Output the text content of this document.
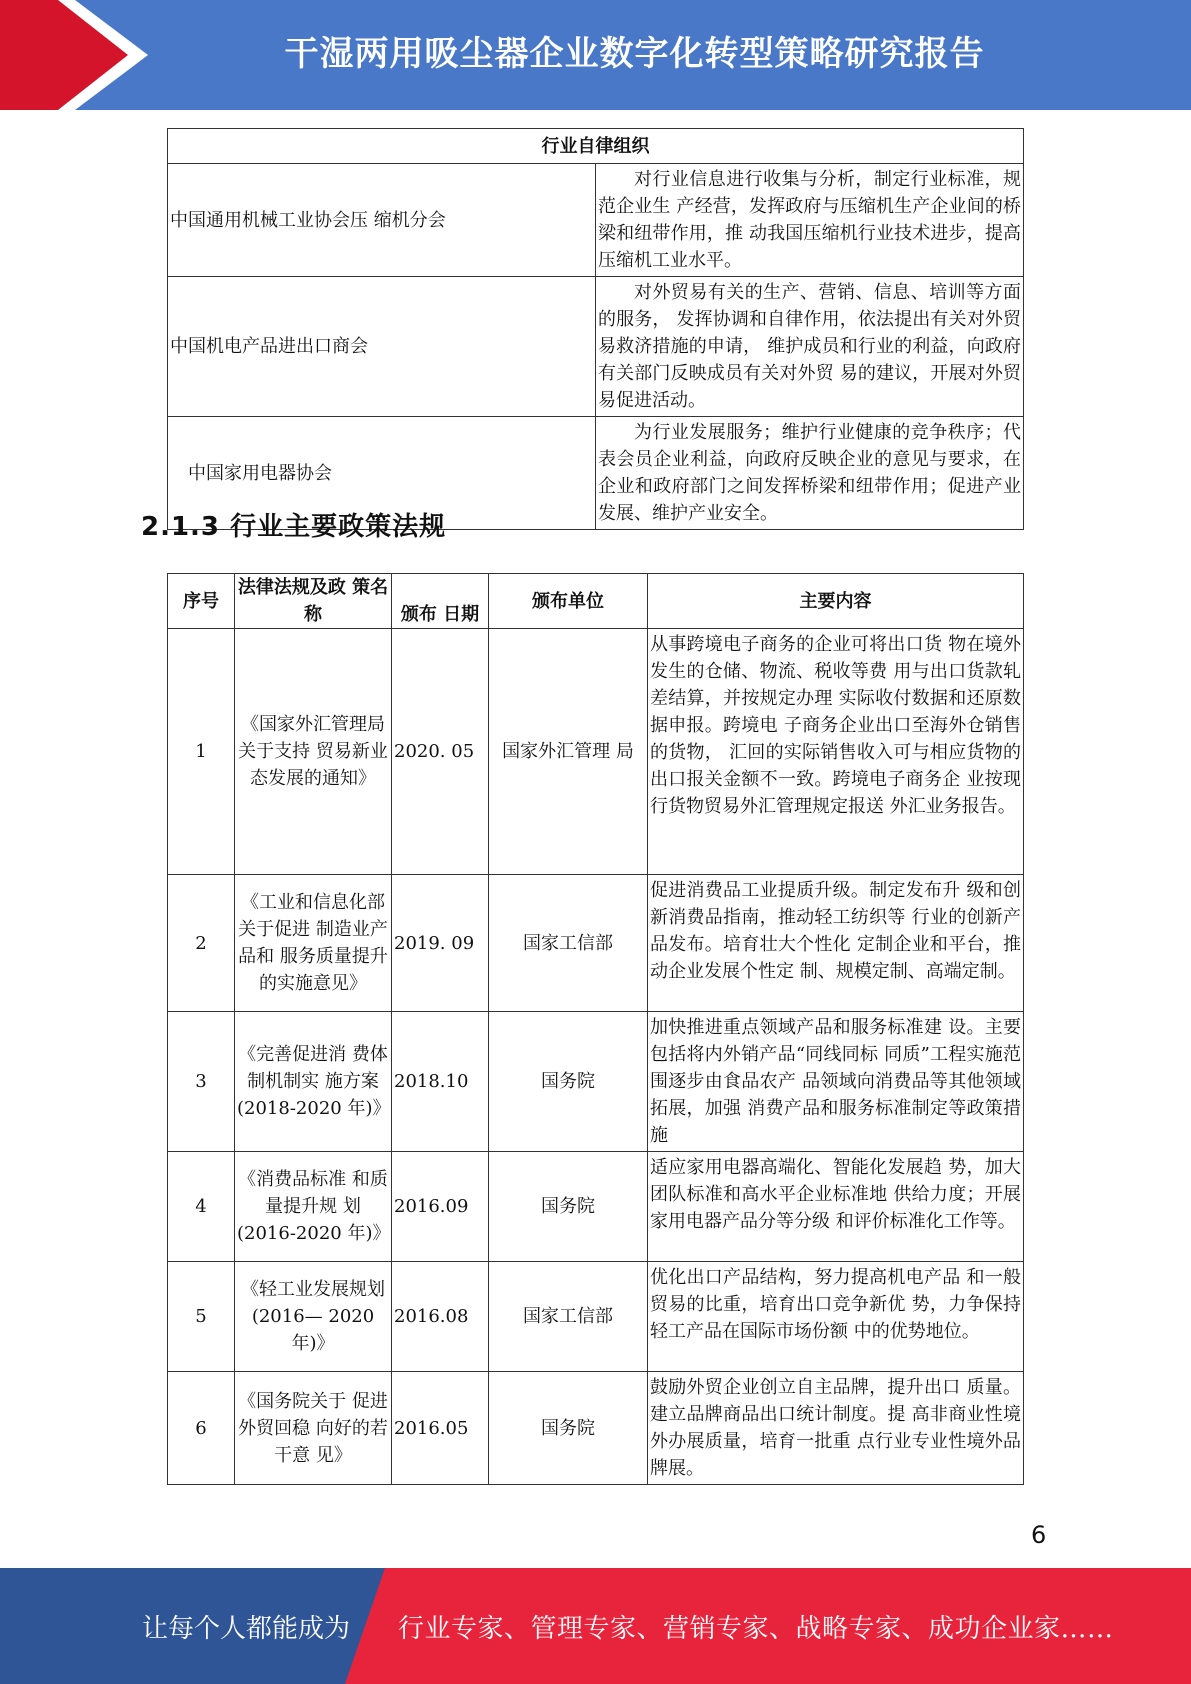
干湿两用吸尘器企业数字化转型策略研究报告
行业自律组织	
中国通用机械工业协会压 缩机分会	对行业信息进行收集与分析，制定行业标准，规范企业生 产经营，发挥政府与压缩机生产企业间的桥梁和纽带作用，推 动我国压缩机行业技术进步，提高压缩机工业水平。
中国机电产品进出口商会	对外贸易有关的生产、营销、信息、培训等方面的服务， 发挥协调和自律作用，依法提出有关对外贸易救济措施的申请， 维护成员和行业的利益，向政府有关部门反映成员有关对外贸 易的建议，开展对外贸易促进活动。
中国家用电器协会	为行业发展服务；维护行业健康的竞争秩序；代表会员企业利益，向政府反映企业的意见与要求，在企业和政府部门之间发挥桥梁和纽带作用；促进产业发展、维护产业安全。
2.1.3 行业主要政策法规
序号	法律法规及政 策名称	颁布 日期	颁布单位	主要内容
1	《国家外汇管理局关于支持 贸易新业态发展的通知》	2020. 05	国家外汇管理 局	从事跨境电子商务的企业可将出口货 物在境外发生的仓储、物流、税收等费 用与出口货款轧差结算，并按规定办理 实际收付数据和还原数据申报。跨境电 子商务企业出口至海外仓销售的货物， 汇回的实际销售收入可与相应货物的 出口报关金额不一致。跨境电子商务企 业按现行货物贸易外汇管理规定报送 外汇业务报告。
2	《工业和信息化部关于促进 制造业产品和 服务质量提升 的实施意见》	2019. 09	国家工信部	促进消费品工业提质升级。制定发布升 级和创新消费品指南，推动轻工纺织等 行业的创新产品发布。培育壮大个性化 定制企业和平台，推动企业发展个性定 制、规模定制、高端定制。
3	《完善促进消 费体制机制实 施方案 (2018-2020 年)》	2018.10	国务院	加快推进重点领域产品和服务标准建 设。主要包括将内外销产品“同线同标 同质”工程实施范围逐步由食品农产 品领域向消费品等其他领域拓展，加强 消费产品和服务标准制定等政策措施
4	《消费品标准 和质量提升规 划 (2016-2020 年)》	2016.09	国务院	适应家用电器高端化、智能化发展趋 势，加大团队标准和高水平企业标准地 供给力度；开展家用电器产品分等分级 和评价标准化工作等。
5	《轻工业发展规划(2016— 2020 年)》	2016.08	国家工信部	优化出口产品结构，努力提高机电产品 和一般贸易的比重，培育出口竞争新优 势，力争保持轻工产品在国际市场份额 中的优势地位。
6	《国务院关于 促进外贸回稳 向好的若干意 见》	2016.05	国务院	鼓励外贸企业创立自主品牌，提升出口 质量。建立品牌商品出口统计制度。提 高非商业性境外办展质量，培育一批重 点行业专业性境外品牌展。
6
让每个人都能成为 行业专家、管理专家、营销专家、战略专家、成功企业家……
